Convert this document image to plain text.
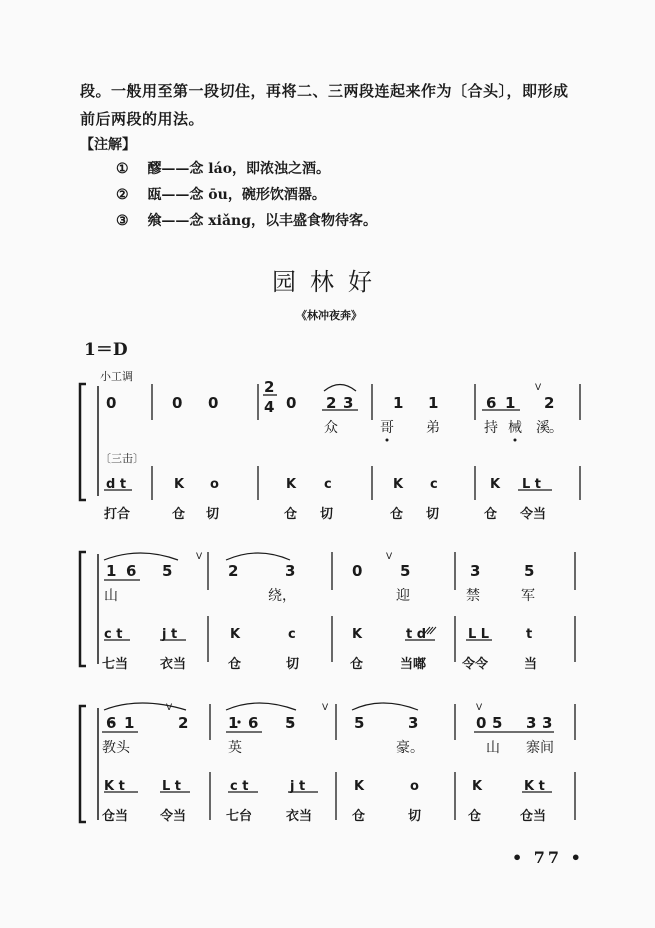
段。一般用至第一段切住，再将二、三两段连起来作为〔合头〕，即形成
前后两段的用法。
【注解】
① 醪——念 láo，即浓浊之酒。
② 瓯——念 ōu，碗形饮酒器。
③ 飨——念 xiǎng，以丰盛食物待客。
园林好
《林冲夜奔》
1＝D
小工调
〔三击〕
V
V	V
V	V	V
2
4
0	0 0	0 2 3	1 1	6 1 2
众	哥 弟	持 械 溪 。
d t	K o	K c	K c	K L t
打合	仓 切	仓 切	仓 切	仓 令当
1 6 5	2	3	0	5	3	5
山	绕，	迎	禁	军
c t	j t	K	c	K	t d	L L	t
七当 衣当	仓	切	仓	当嘟	令令	当
6 1	2	1 6 5	5	3	0 5 3 3
教头	英	豪。	山 寨间
K t	L t	c t	j t	K	o	K	K t
仓当 令当	七台	衣当	仓	切	仓	仓当
• 77 •
